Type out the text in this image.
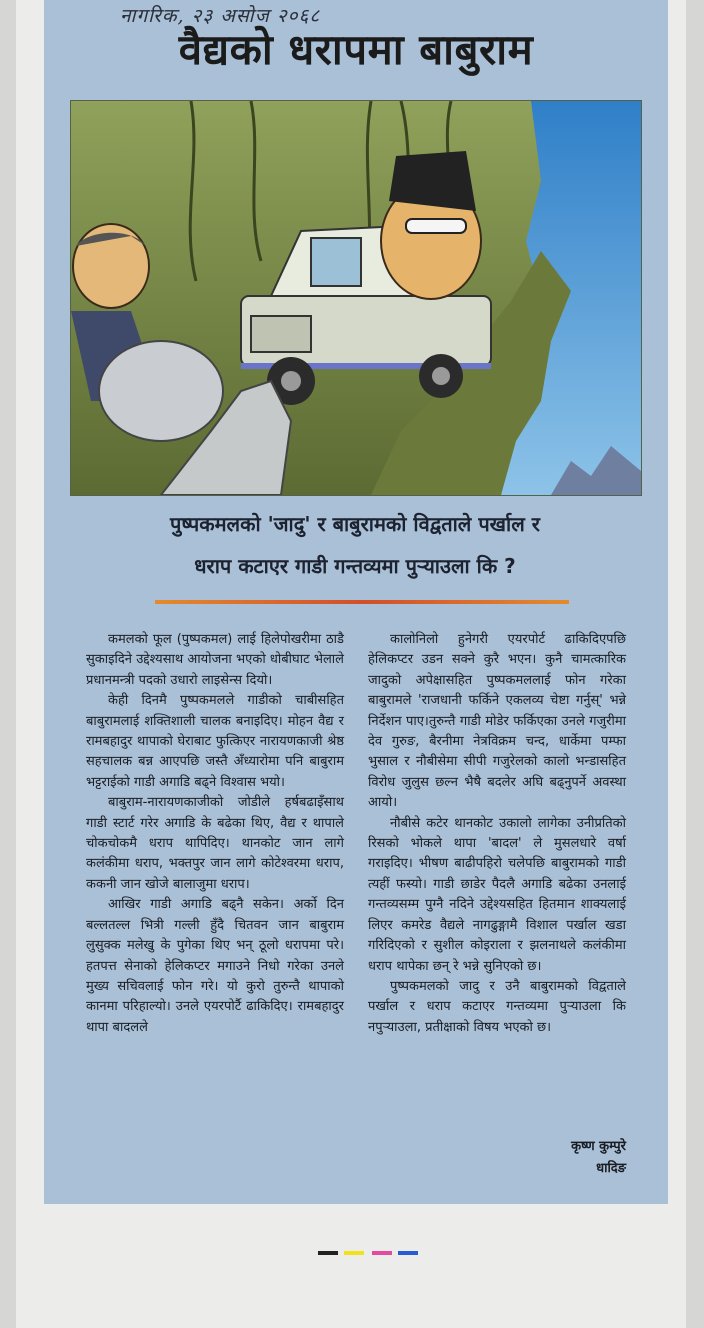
नागरिक, २३ असोज २०६८
वैद्यको धरापमा बाबुराम
पुष्पकमलको 'जादु' र बाबुरामको विद्वताले पर्खाल र
धराप कटाएर गाडी गन्तव्यमा पुऱ्याउला कि ?

कमलको फूल (पुष्पकमल) लाई हिलेपोखरीमा ठाडै सुकाइदिने उद्देश्यसाथ आयोजना भएको धोबीघाट भेलाले प्रधानमन्त्री पदको उधारो लाइसेन्स दियो।

केही दिनमै पुष्पकमलले गाडीको चाबीसहित बाबुरामलाई शक्तिशाली चालक बनाइदिए। मोहन वैद्य र रामबहादुर थापाको घेराबाट फुत्किएर नारायणकाजी श्रेष्ठ सहचालक बन्न आएपछि जस्तै अँध्यारोमा पनि बाबुराम भट्टराईको गाडी अगाडि बढ्ने विश्वास भयो।

बाबुराम-नारायणकाजीको जोडीले हर्षबढाइँसाथ गाडी स्टार्ट गरेर अगाडि के बढेका थिए, वैद्य र थापाले चोकचोकमै धराप थापिदिए। थानकोट जान लागे कलंकीमा धराप, भक्तपुर जान लागे कोटेश्वरमा धराप, ककनी जान खोजे बालाजुमा धराप।

आखिर गाडी अगाडि बढ्नै सकेन। अर्को दिन बल्लतल्ल भित्री गल्ली हुँदै चितवन जान बाबुराम लुसुक्क मलेखु के पुगेका थिए भन् ठूलो धरापमा परे। हतपत्त सेनाको हेलिकप्टर मगाउने निधो गरेका उनले मुख्य सचिवलाई फोन गरे। यो कुरो तुरुन्तै थापाको कानमा परिहाल्यो। उनले एयरपोर्टै ढाकिदिए। रामबहादुर थापा बादलले

कालोनिलो हुनेगरी एयरपोर्ट ढाकिदिएपछि हेलिकप्टर उडन सक्ने कुरै भएन। कुनै चामत्कारिक जादुको अपेक्षासहित पुष्पकमललाई फोन गरेका बाबुरामले 'राजधानी फर्किने एकलव्य चेष्टा गर्नुस्' भन्ने निर्देशन पाए।तुरुन्तै गाडी मोडेर फर्किएका उनले गजुरीमा देव गुरुङ, बैरनीमा नेत्रविक्रम चन्द, धार्केमा पम्फा भुसाल र नौबीसेमा सीपी गजुरेलको कालो भन्डासहित विरोध जुलुस छल्न भैषै बदलेर अघि बढ्नुपर्ने अवस्था आयो।

नौबीसे कटेर थानकोट उकालो लागेका उनीप्रतिको रिसको भोकले थापा 'बादल' ले मुसलधारे वर्षा गराइदिए। भीषण बाढीपहिरो चलेपछि बाबुरामको गाडी त्यहीं फस्यो। गाडी छाडेर पैदलै अगाडि बढेका उनलाई गन्तव्यसम्म पुग्नै नदिने उद्देश्यसहित हितमान शाक्यलाई लिएर कमरेड वैद्यले नागढुङ्गामै विशाल पर्खाल खडा गरिदिएको र सुशील कोइराला र झलनाथले कलंकीमा धराप थापेका छन् रे भन्ने सुनिएको छ।

पुष्पकमलको जादु र उनै बाबुरामको विद्वताले पर्खाल र धराप कटाएर गन्तव्यमा पुऱ्याउला कि नपुऱ्याउला, प्रतीक्षाको विषय भएको छ।

कृष्ण कुम्पुरे
धादिङ
